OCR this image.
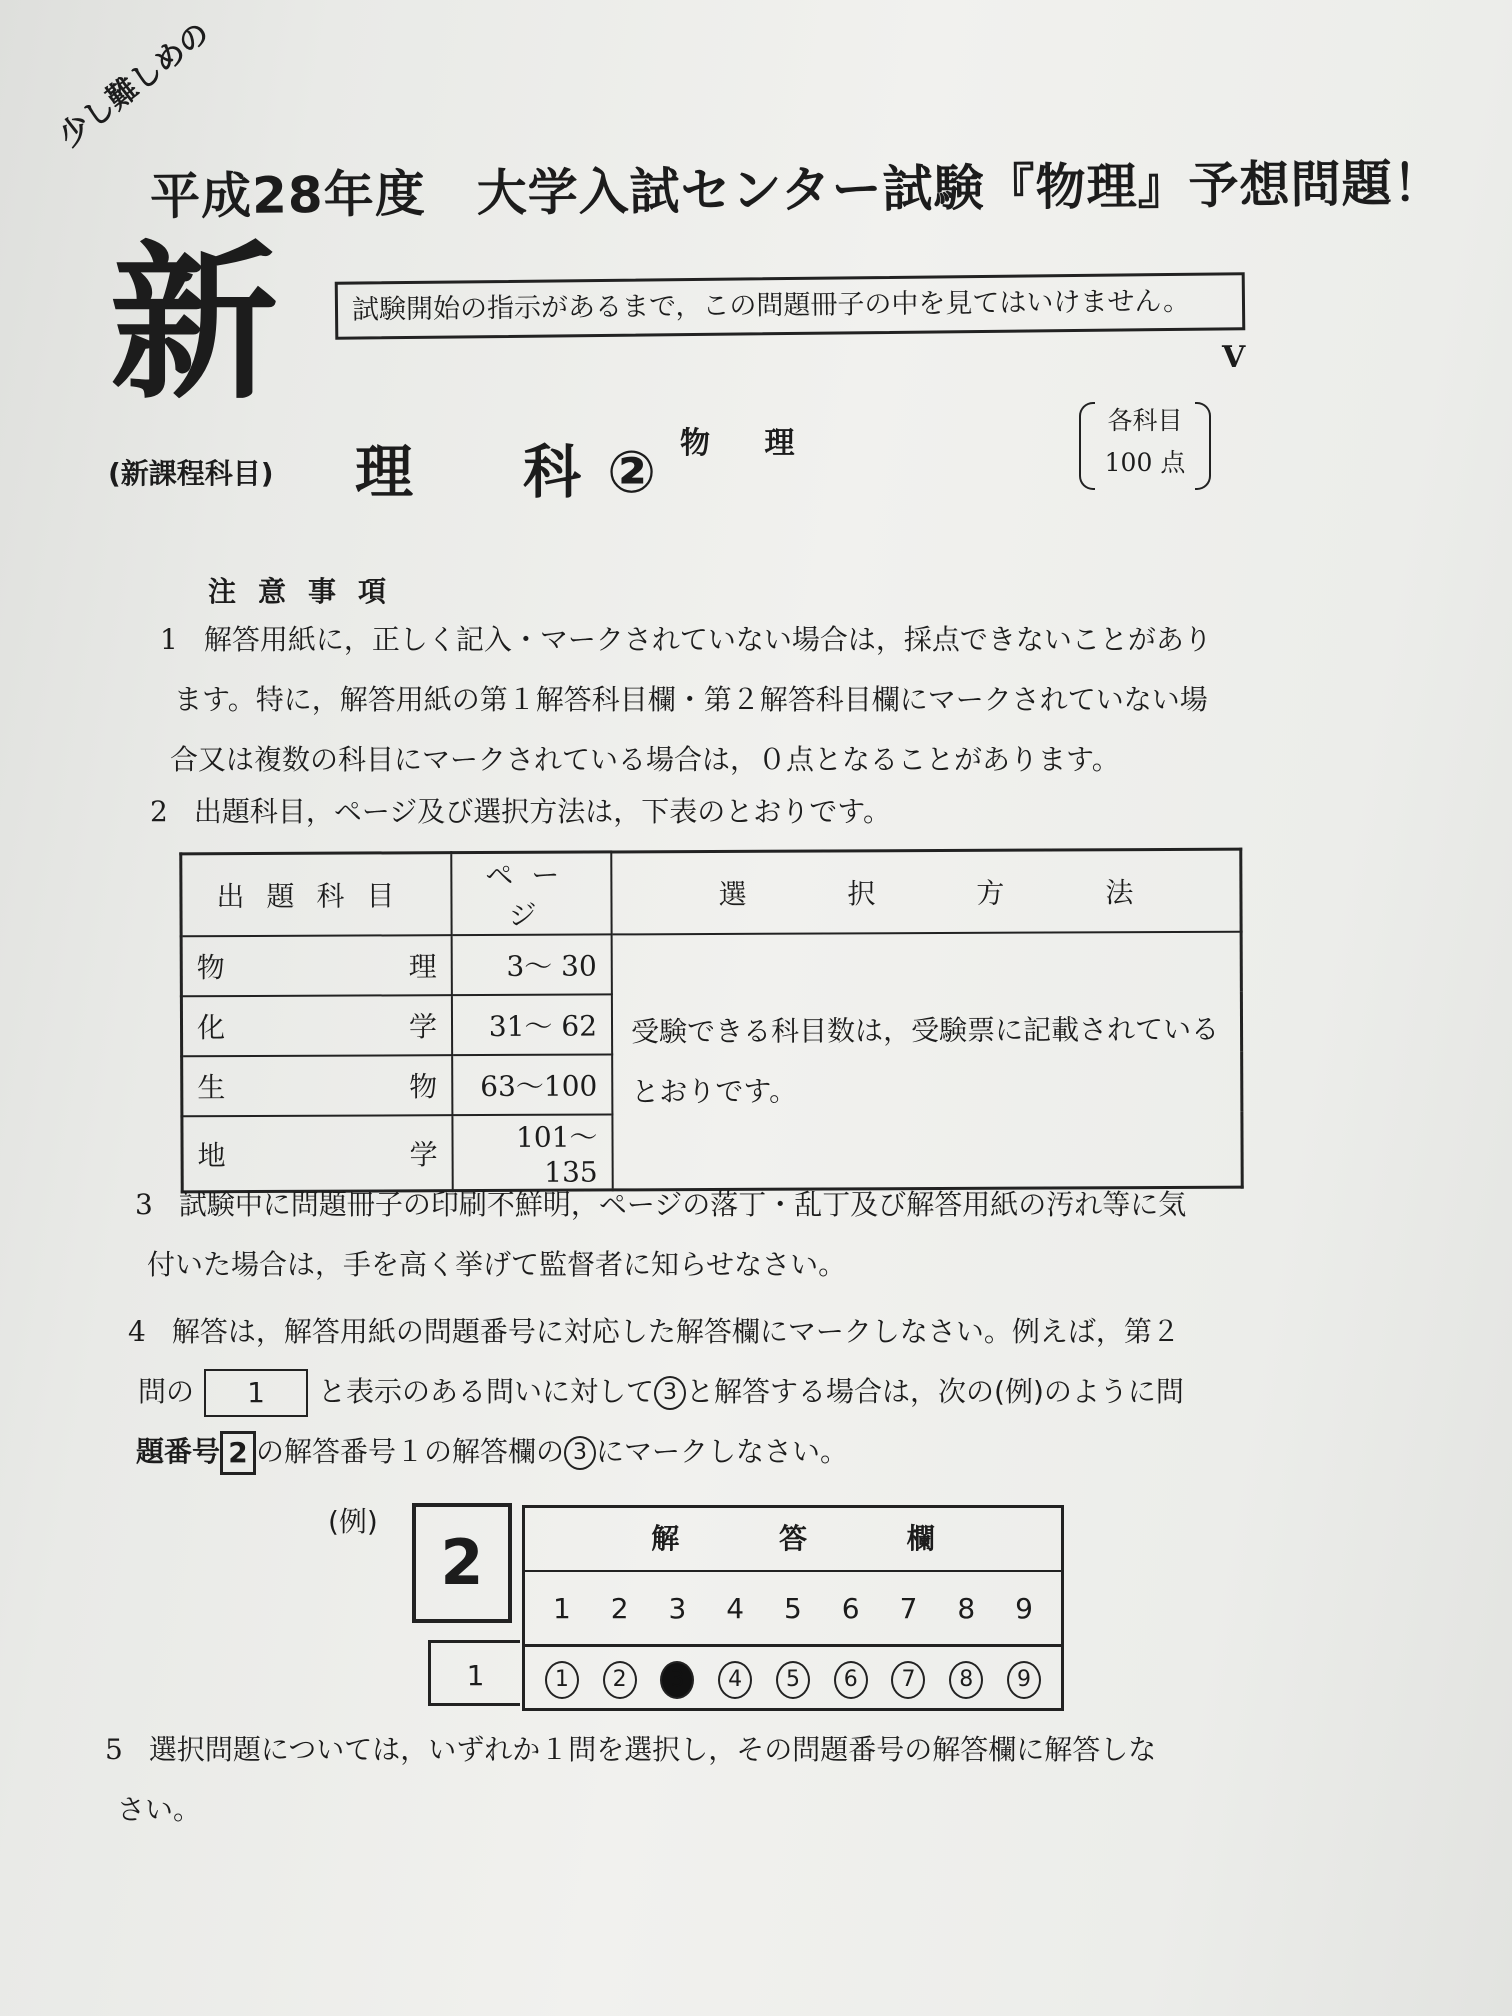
少し難しめの
平成28年度　大学入試センター試験『物理』予想問題！
新	試験開始の指示があるまで，この問題冊子の中を見てはいけません。
V
(新課程科目) 理　科②
物 理
各科目
100 点
注意事項
1 解答用紙に，正しく記入・マークされていない場合は，採点できないことがあり
ます。特に，解答用紙の第１解答科目欄・第２解答科目欄にマークされていない場
合又は複数の科目にマークされている場合は，０点となることがあります。
2 出題科目，ページ及び選択方法は，下表のとおりです。
出題科目	ページ	選 択 方 法

物 理	3～ 30	受験できる科目数は，受験票に記載されているとおりです。

化 学	31～ 62	

生 物	63～100	

地 学	101～135	
3 試験中に問題冊子の印刷不鮮明，ページの落丁・乱丁及び解答用紙の汚れ等に気
付いた場合は，手を高く挙げて監督者に知らせなさい。
4 解答は，解答用紙の問題番号に対応した解答欄にマークしなさい。例えば，第２
問の 1 と表示のある問いに対して 3 と解答する場合は，次の(例)のように問
題番号 2 の解答番号１の解答欄の 3 にマークしなさい。
(例)
2	解 答 欄
1 2 3 4 5 6 7 8 9
1	2	3	4	5	6	7	8	9
1
5 選択問題については，いずれか１問を選択し，その問題番号の解答欄に解答しな
さい。
